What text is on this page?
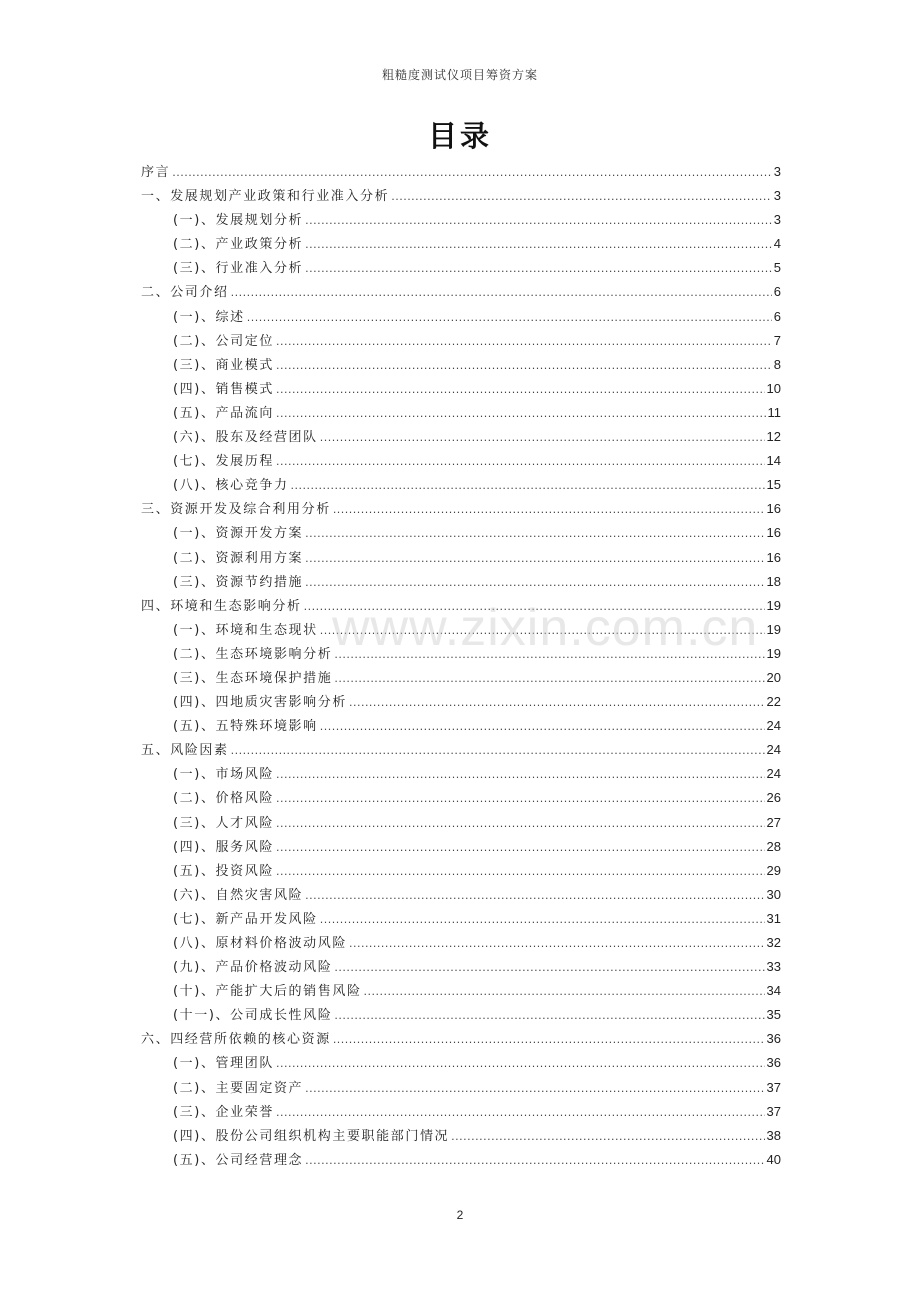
粗糙度测试仪项目筹资方案
目录
序言 .....	3
一、发展规划产业政策和行业准入分析 .....	3
(一)、发展规划分析 .....	3
(二)、产业政策分析 .....	4
(三)、行业准入分析 .....	5
二、公司介绍 .....	6
(一)、综述 .....	6
(二)、公司定位 .....	7
(三)、商业模式 .....	8
(四)、销售模式 .....	10
(五)、产品流向 .....	11
(六)、股东及经营团队 .....	12
(七)、发展历程 .....	14
(八)、核心竞争力 .....	15
三、资源开发及综合利用分析 .....	16
(一)、资源开发方案 .....	16
(二)、资源利用方案 .....	16
(三)、资源节约措施 .....	18
四、环境和生态影响分析 .....	19
(一)、环境和生态现状 .....	19
(二)、生态环境影响分析 .....	19
(三)、生态环境保护措施 .....	20
(四)、四地质灾害影响分析 .....	22
(五)、五特殊环境影响 .....	24
五、风险因素 .....	24
(一)、市场风险 .....	24
(二)、价格风险 .....	26
(三)、人才风险 .....	27
(四)、服务风险 .....	28
(五)、投资风险 .....	29
(六)、自然灾害风险 .....	30
(七)、新产品开发风险 .....	31
(八)、原材料价格波动风险 .....	32
(九)、产品价格波动风险 .....	33
(十)、产能扩大后的销售风险 .....	34
(十一)、公司成长性风险 .....	35
六、四经营所依赖的核心资源 .....	36
(一)、管理团队 .....	36
(二)、主要固定资产 .....	37
(三)、企业荣誉 .....	37
(四)、股份公司组织机构主要职能部门情况 .....	38
(五)、公司经营理念 .....	40
www.zixin.com.cn
2
